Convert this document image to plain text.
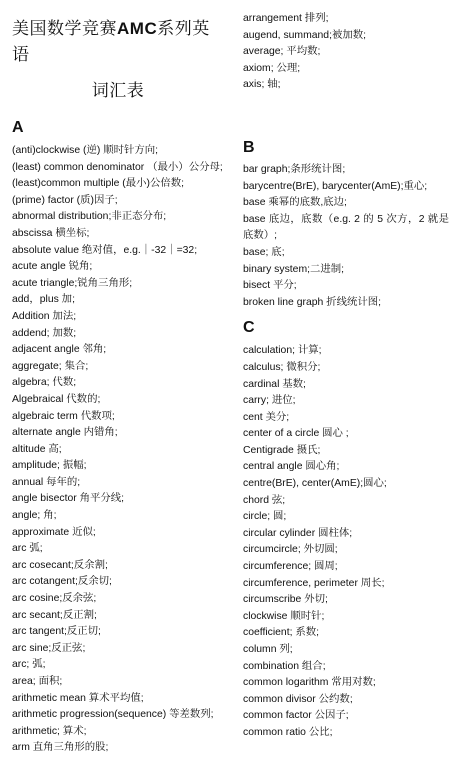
美国数学竞赛AMC系列英语
词汇表
A

(anti)clockwise (逆) 顺时针方向;

(least) common denominator （最小）公分母;

(least)common multiple (最小)公倍数;

(prime) factor (质)因子;

abnormal distribution;非正态分布;

abscissa 横坐标;

absolute value 绝对值，e.g.｜-32｜=32;

acute angle 锐角;

acute triangle;锐角三角形;

add，plus 加;

Addition 加法;

addend; 加数;

adjacent angle 邻角;

aggregate; 集合;

algebra; 代数;

Algebraical 代数的;

algebraic term 代数项;

alternate angle 内错角;

altitude 高;

amplitude; 振幅;

annual 每年的;

angle bisector 角平分线;

angle; 角;

approximate 近似;

arc 弧;

arc cosecant;反余割;

arc cotangent;反余切;

arc cosine;反余弦;

arc secant;反正割;

arc tangent;反正切;

arc sine;反正弦;

arc; 弧;

area; 面积;

arithmetic mean 算术平均值;

arithmetic progression(sequence) 等差数列;

arithmetic; 算术;

arm 直角三角形的股;

arrangement 排列;

augend, summand;被加数;

average; 平均数;

axiom; 公理;

axis; 轴;

B

bar graph;条形统计图;

barycentre(BrE), barycenter(AmE);重心;

base 乘幂的底数,底边;

base 底边，底数（e.g. 2 的 5 次方，2 就是底数）;

base; 底;

binary system;二进制;

bisect 平分;

broken line graph 折线统计图;

C

calculation; 计算;

calculus; 微积分;

cardinal 基数;

carry; 进位;

cent 美分;

center of a circle 圆心 ;

Centigrade 摄氏;

central angle 圆心角;

centre(BrE), center(AmE);圆心;

chord 弦;

circle; 圆;

circular cylinder 圆柱体;

circumcircle; 外切圆;

circumference; 圆周;

circumference, perimeter 周长;

circumscribe 外切;

clockwise 顺时针;

coefficient; 系数;

column 列;

combination 组合;

common logarithm 常用对数;

common divisor 公约数;

common factor 公因子;

common ratio 公比;
